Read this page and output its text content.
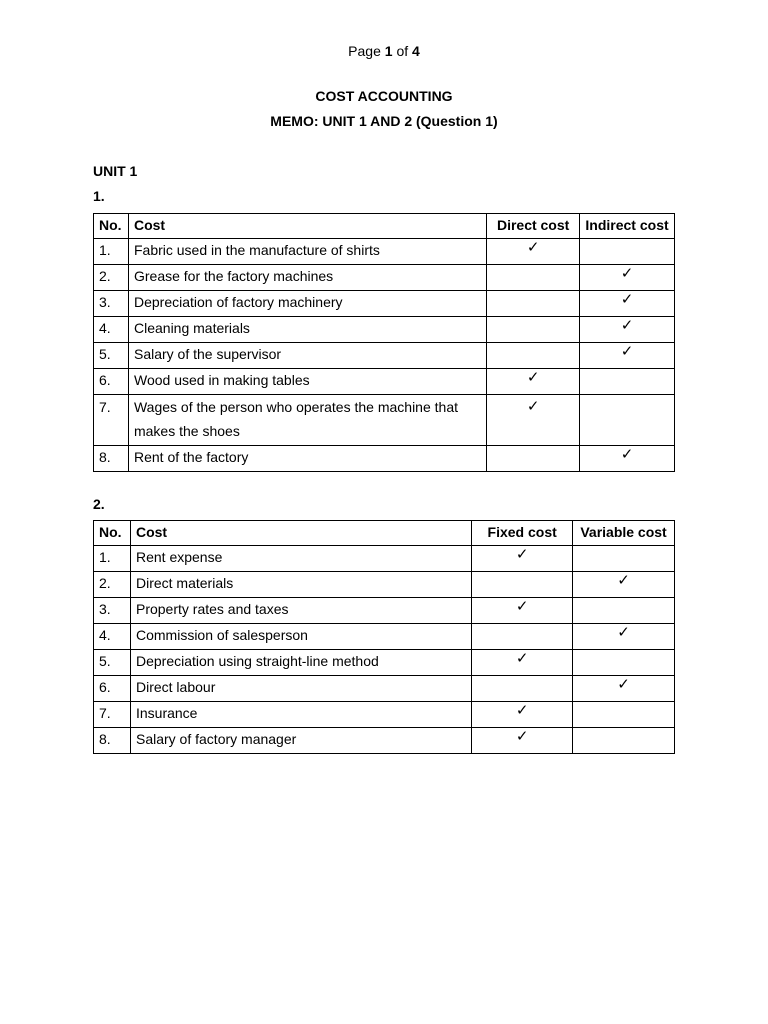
Page 1 of 4
COST ACCOUNTING
MEMO: UNIT 1 AND 2 (Question 1)
UNIT 1
1.
No.	Cost	Direct cost	Indirect cost
1.	Fabric used in the manufacture of shirts	✓	
2.	Grease for the factory machines		✓
3.	Depreciation of factory machinery		✓
4.	Cleaning materials		✓
5.	Salary of the supervisor		✓
6.	Wood used in making tables	✓	
7.	Wages of the person who operates the machine that makes the shoes	✓	
8.	Rent of the factory		✓
2.
No.	Cost	Fixed cost	Variable cost
1.	Rent expense	✓	
2.	Direct materials		✓
3.	Property rates and taxes	✓	
4.	Commission of salesperson		✓
5.	Depreciation using straight-line method	✓	
6.	Direct labour		✓
7.	Insurance	✓	
8.	Salary of factory manager	✓	
